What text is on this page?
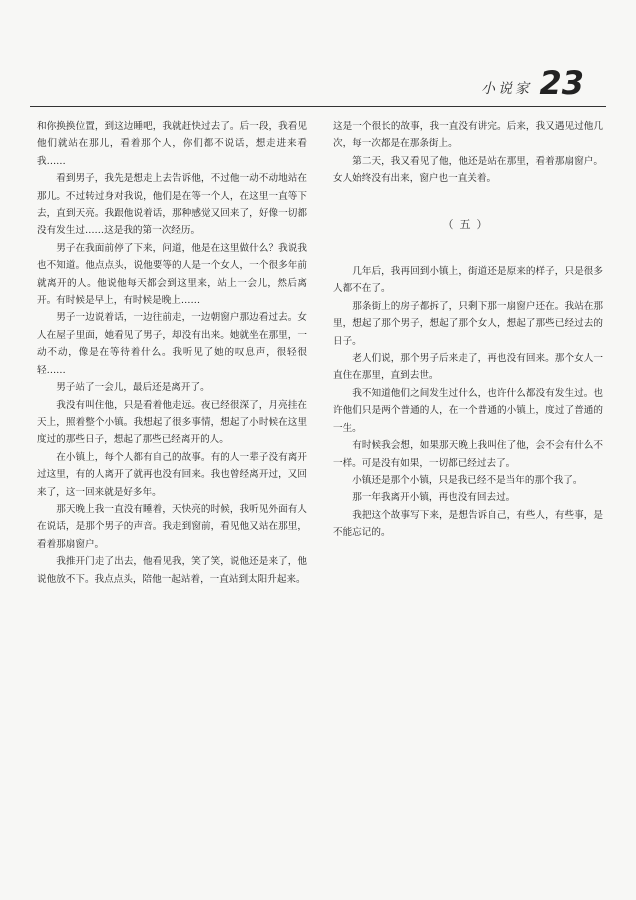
小说家 23

和你换换位置，到这边睡吧，我就赶快过去了。后一段，我看见他们就站在那儿，看着那个人，你们都不说话，想走进来看我……

看到男子，我先是想走上去告诉他，不过他一动不动地站在那儿。不过转过身对我说，他们是在等一个人，在这里一直等下去，直到天亮。我跟他说着话，那种感觉又回来了，好像一切都没有发生过……这是我的第一次经历。

男子在我面前停了下来，问道，他是在这里做什么？我说我也不知道。他点点头，说他要等的人是一个女人，一个很多年前就离开的人。他说他每天都会到这里来，站上一会儿，然后离开。有时候是早上，有时候是晚上……

男子一边说着话，一边往前走，一边朝窗户那边看过去。女人在屋子里面，她看见了男子，却没有出来。她就坐在那里，一动不动，像是在等待着什么。我听见了她的叹息声，很轻很轻……

男子站了一会儿，最后还是离开了。

我没有叫住他，只是看着他走远。夜已经很深了，月亮挂在天上，照着整个小镇。我想起了很多事情，想起了小时候在这里度过的那些日子，想起了那些已经离开的人。

在小镇上，每个人都有自己的故事。有的人一辈子没有离开过这里，有的人离开了就再也没有回来。我也曾经离开过，又回来了，这一回来就是好多年。

那天晚上我一直没有睡着，天快亮的时候，我听见外面有人在说话，是那个男子的声音。我走到窗前，看见他又站在那里，看着那扇窗户。

我推开门走了出去，他看见我，笑了笑，说他还是来了，他说他放不下。我点点头，陪他一起站着，一直站到太阳升起来。

这是一个很长的故事，我一直没有讲完。后来，我又遇见过他几次，每一次都是在那条街上。

第二天，我又看见了他，他还是站在那里，看着那扇窗户。女人始终没有出来，窗户也一直关着。

（五）

几年后，我再回到小镇上，街道还是原来的样子，只是很多人都不在了。

那条街上的房子都拆了，只剩下那一扇窗户还在。我站在那里，想起了那个男子，想起了那个女人，想起了那些已经过去的日子。

老人们说，那个男子后来走了，再也没有回来。那个女人一直住在那里，直到去世。

我不知道他们之间发生过什么，也许什么都没有发生过。也许他们只是两个普通的人，在一个普通的小镇上，度过了普通的一生。

有时候我会想，如果那天晚上我叫住了他，会不会有什么不一样。可是没有如果，一切都已经过去了。

小镇还是那个小镇，只是我已经不是当年的那个我了。

那一年我离开小镇，再也没有回去过。

我把这个故事写下来，是想告诉自己，有些人，有些事，是不能忘记的。
